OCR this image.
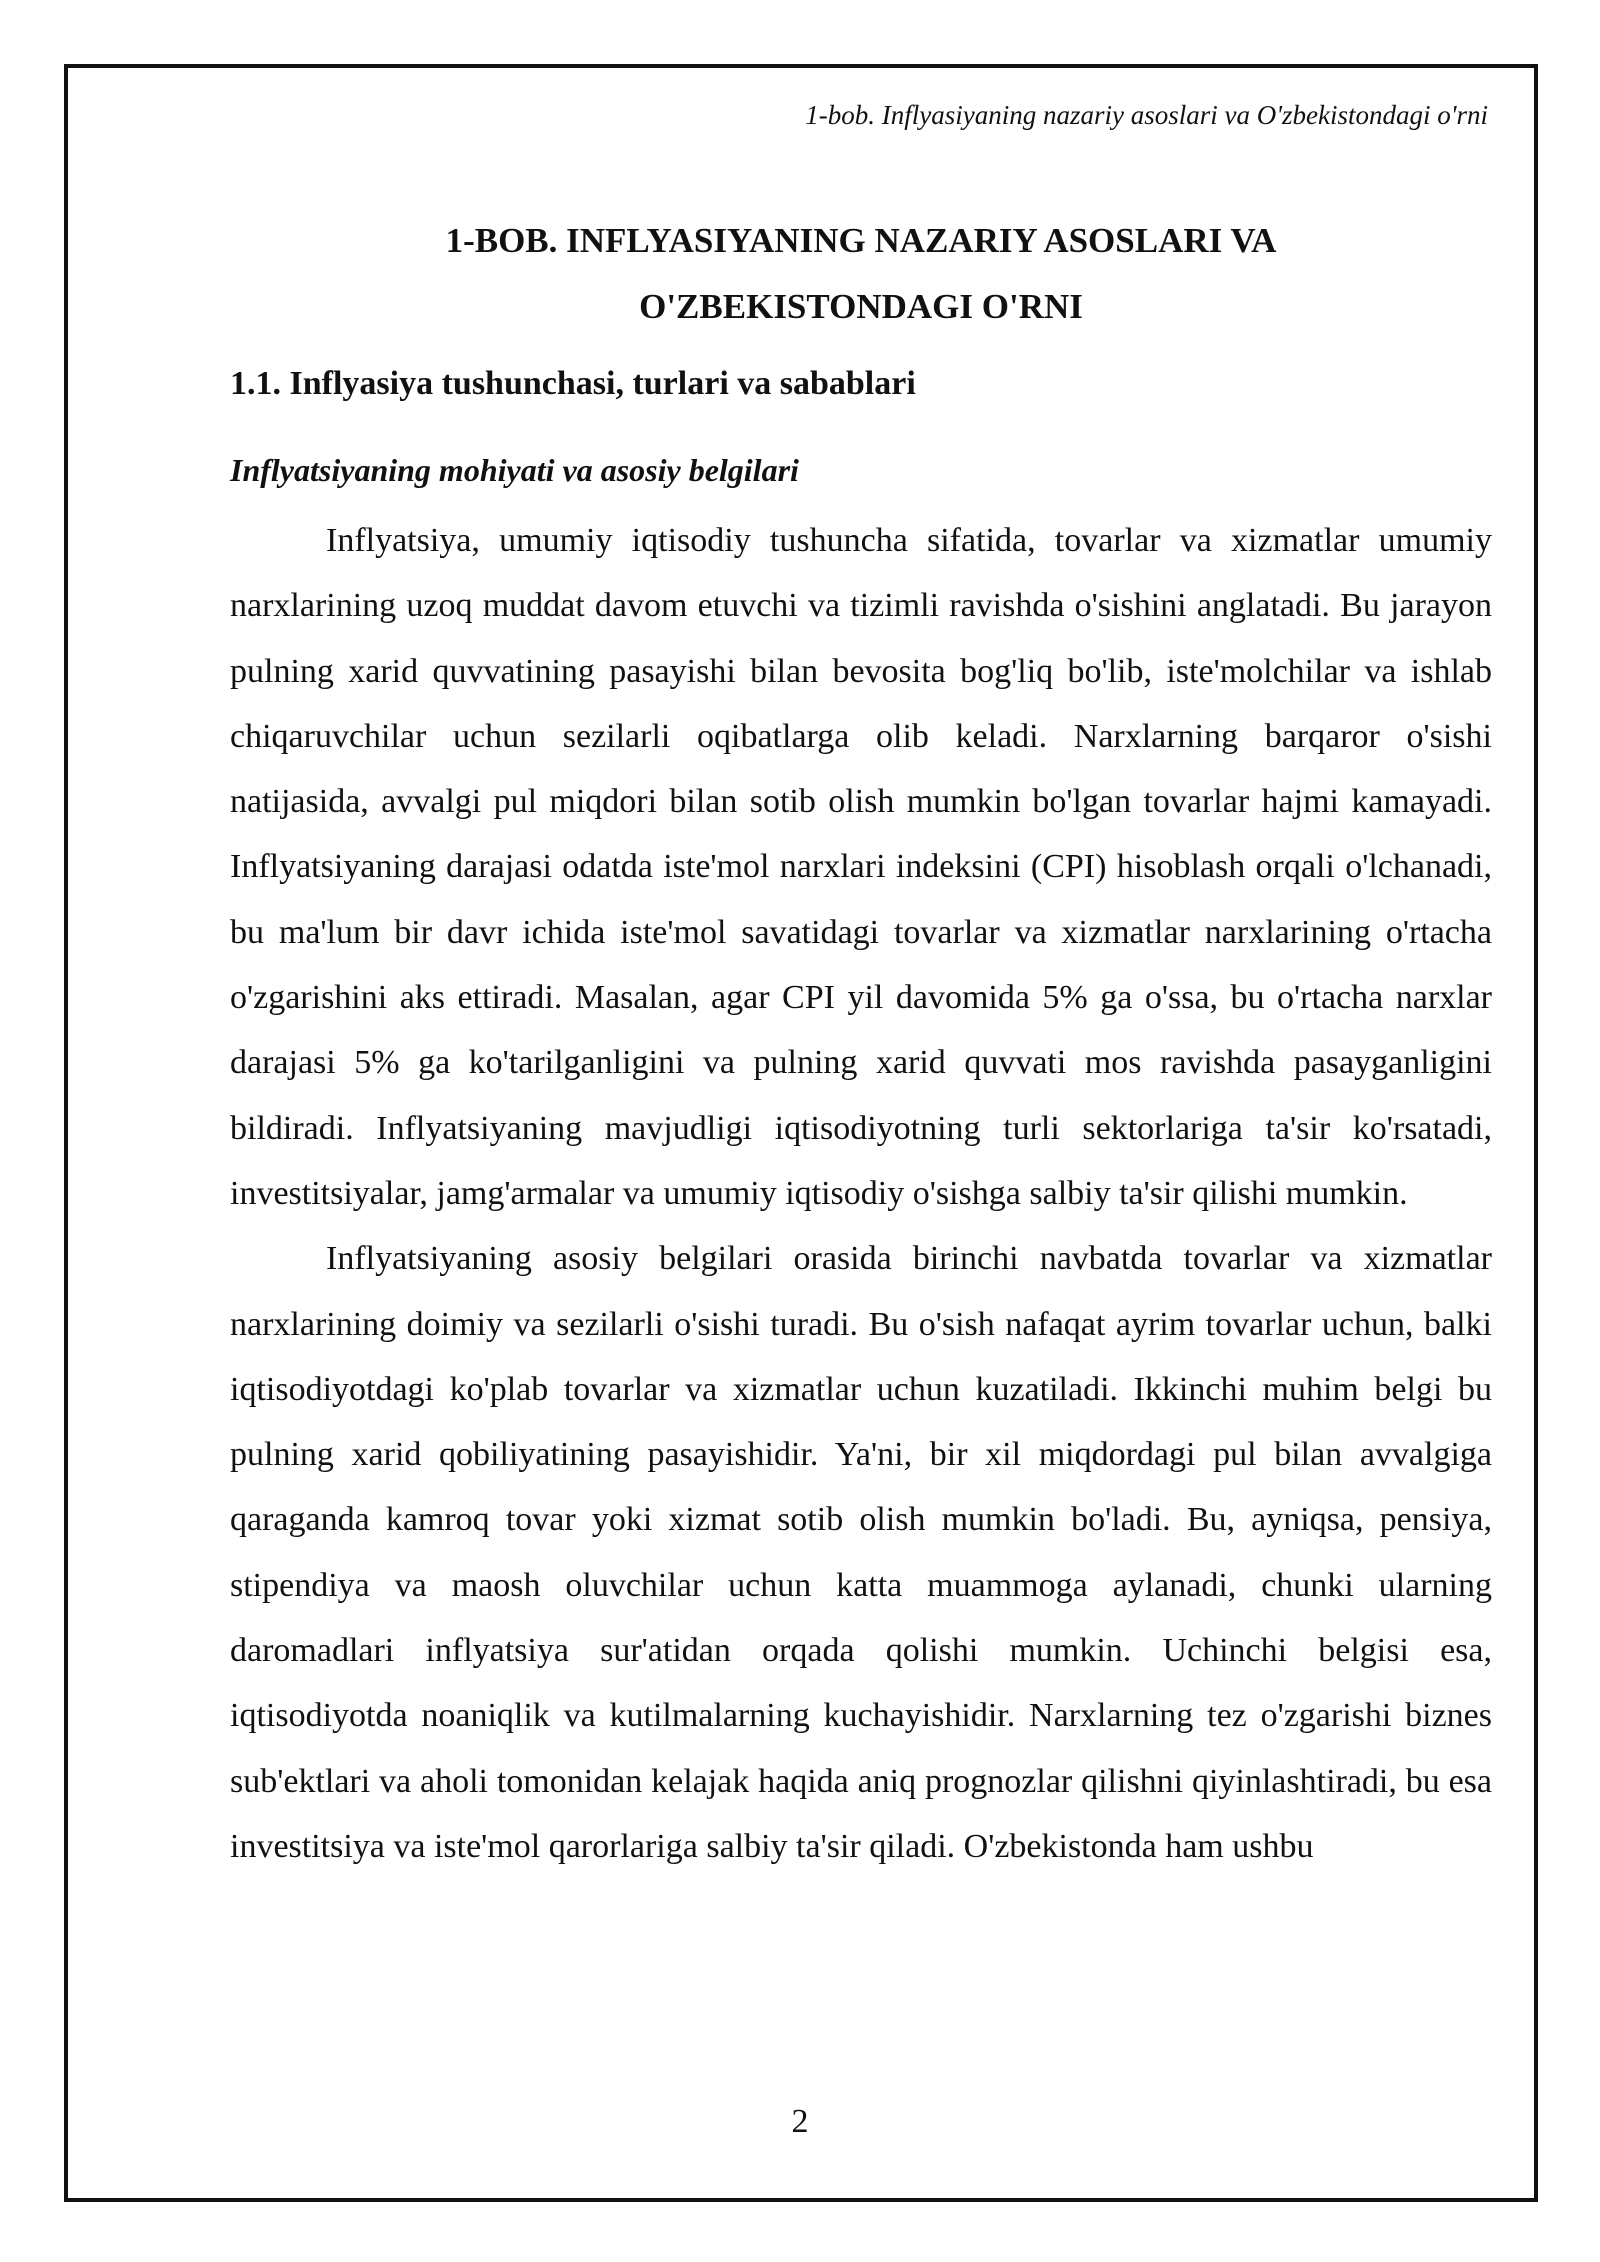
1-bob. Inflyasiyaning nazariy asoslari va O'zbekistondagi o'rni
1-BOB. INFLYASIYANING NAZARIY ASOSLARI VA
O'ZBEKISTONDAGI O'RNI
1.1. Inflyasiya tushunchasi, turlari va sabablari
Inflyatsiyaning mohiyati va asosiy belgilari

Inflyatsiya, umumiy iqtisodiy tushuncha sifatida, tovarlar va xizmatlar umumiy narxlarining uzoq muddat davom etuvchi va tizimli ravishda o'sishini anglatadi. Bu jarayon pulning xarid quvvatining pasayishi bilan bevosita bog'liq bo'lib, iste'molchilar va ishlab chiqaruvchilar uchun sezilarli oqibatlarga olib keladi. Narxlarning barqaror o'sishi natijasida, avvalgi pul miqdori bilan sotib olish mumkin bo'lgan tovarlar hajmi kamayadi. Inflyatsiyaning darajasi odatda iste'mol narxlari indeksini (CPI) hisoblash orqali o'lchanadi, bu ma'lum bir davr ichida iste'mol savatidagi tovarlar va xizmatlar narxlarining o'rtacha o'zgarishini aks ettiradi. Masalan, agar CPI yil davomida 5% ga o'ssa, bu o'rtacha narxlar darajasi 5% ga ko'tarilganligini va pulning xarid quvvati mos ravishda pasayganligini bildiradi. Inflyatsiyaning mavjudligi iqtisodiyotning turli sektorlariga ta'sir ko'rsatadi, investitsiyalar, jamg'armalar va umumiy iqtisodiy o'sishga salbiy ta'sir qilishi mumkin.

Inflyatsiyaning asosiy belgilari orasida birinchi navbatda tovarlar va xizmatlar narxlarining doimiy va sezilarli o'sishi turadi. Bu o'sish nafaqat ayrim tovarlar uchun, balki iqtisodiyotdagi ko'plab tovarlar va xizmatlar uchun kuzatiladi. Ikkinchi muhim belgi bu pulning xarid qobiliyatining pasayishidir. Ya'ni, bir xil miqdordagi pul bilan avvalgiga qaraganda kamroq tovar yoki xizmat sotib olish mumkin bo'ladi. Bu, ayniqsa, pensiya, stipendiya va maosh oluvchilar uchun katta muammoga aylanadi, chunki ularning daromadlari inflyatsiya sur'atidan orqada qolishi mumkin. Uchinchi belgisi esa, iqtisodiyotda noaniqlik va kutilmalarning kuchayishidir. Narxlarning tez o'zgarishi biznes sub'ektlari va aholi tomonidan kelajak haqida aniq prognozlar qilishni qiyinlashtiradi, bu esa investitsiya va iste'mol qarorlariga salbiy ta'sir qiladi. O'zbekistonda ham ushbu

2
